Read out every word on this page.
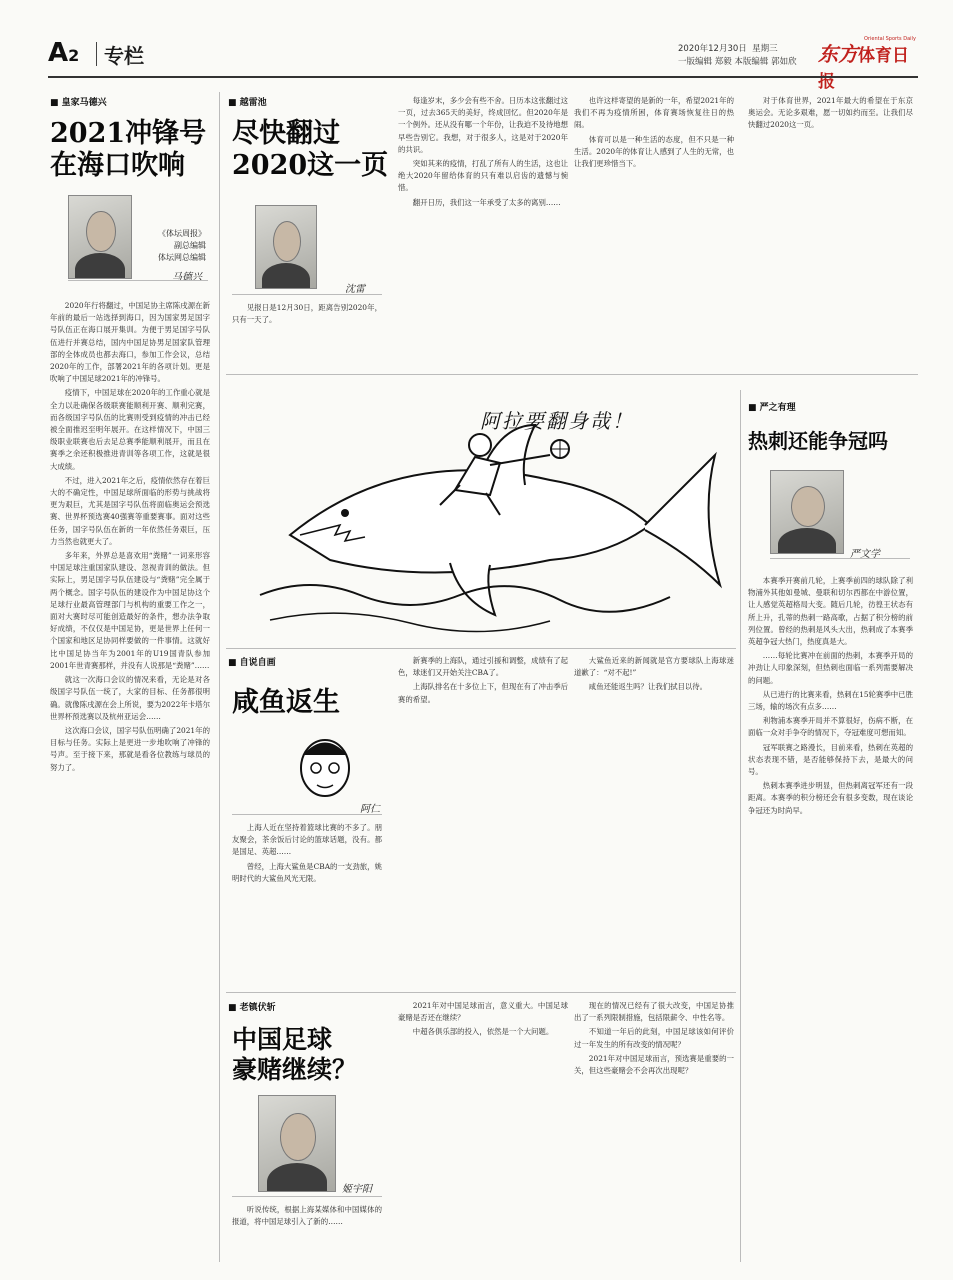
A2 专栏	2020年12月30日 星期三
一版编辑 郑毅 本版编辑 郭如欣 东方体育日报
Oriental Sports Daily
■ 皇家马德兴
2021冲锋号
在海口吹响
《体坛周报》
副总编辑
体坛网总编辑
马德兴

2020年行将翻过，中国足协主席陈戌源在新年前的最后一站选择到海口，因为国家男足国字号队伍正在海口展开集训。为便于男足国字号队伍进行并赛总结，国内中国足协男足国家队管理部的全体成员也都去海口，参加工作会议，总结2020年的工作，部署2021年的各项计划。更是吹响了中国足球2021年的冲锋号。

疫情下，中国足球在2020年的工作重心就是全力以赴确保各级联赛能顺利开赛、顺利完赛，而各级国字号队伍的比赛则受到疫情的冲击已经被全面推迟至明年展开。在这样情况下，中国三级职业联赛也后去足总赛季能顺利展开，而且在赛季之余还积极推进青训等各项工作，这就是很大成绩。

不过，进入2021年之后，疫情依然存在着巨大的不确定性，中国足球所面临的形势与挑战将更为艰巨，尤其是国字号队伍将面临奥运会预选赛、世界杯预选赛40强赛等重要赛事。面对这些任务，国字号队伍在新的一年依然任务艰巨，压力当然也就更大了。

多年来，外界总是喜欢用“粪赌”一词来形容中国足球注重国家队建设、忽视青训的做法。但实际上，男足国字号队伍建设与“粪赌”完全属于两个概念。国字号队伍的建设作为中国足协这个足球行业最高管理部门与机构的重要工作之一，面对大赛时尽可能创造最好的条件，想办法争取好成绩，不仅仅是中国足协，更是世界上任何一个国家和地区足协同样要做的一件事情。这就好比中国足协当年为2001年的U19国青队参加2001年世青赛那样，并没有人说那是“粪赌”……

就这一次海口会议的情况来看，无论是对各级国字号队伍一统了，大家的目标、任务都很明确。就像陈戌源在会上所说，要为2022年卡塔尔世界杯预选赛以及杭州亚运会……

这次海口会议，国字号队伍明确了2021年的目标与任务。实际上是更进一步地吹响了冲锋的号声。至于接下来，那就是看各位教练与球员的努力了。

■ 越雷池
尽快翻过
2020这一页
沈雷

见报日是12月30日，距离告别2020年，只有一天了。

每逢岁末，多少会有些不舍。日历本这张翻过这一页，过去365天的美好，终成回忆。但2020年是一个例外。还从没有哪一个年份，让我迫不及待地想早些告别它。我想，对于很多人，这是对于2020年的共识。

突如其来的疫情，打乱了所有人的生活，这也让绝大2020年留给体育的只有难以启齿的遗憾与惋惜。

翻开日历，我们这一年承受了太多的离别……

也许这样寄望的是新的一年，希望2021年的我们不再为疫情所困，体育赛场恢复往日的热闹。

体育可以是一种生活的态度，但不只是一种生活。2020年的体育让人感到了人生的无常，也让我们更珍惜当下。

对于体育世界，2021年最大的希望在于东京奥运会。无论多艰难，愿一切如约而至。让我们尽快翻过2020这一页。

阿拉要翻身哉！
■ 严之有理
热刺还能争冠吗
严文学

本赛季开赛前几轮，上赛季前四的球队除了利物浦外其他如曼城、曼联和切尔西都在中游位置，让人感觉英超格局大变。随后几轮，彷徨王状态有所上升，孔蒂的热刺一路高歌，占据了积分榜的前列位置。曾经的热刺是风头大出，热刺成了本赛季英超争冠大热门，热度真是大。

……每轮比赛冲在前面的热刺，本赛季开局的冲劲让人印象深刻，但热刺也面临一系列需要解决的问题。

从已进行的比赛来看，热刺在15轮赛季中已胜三场，输的场次有点多……

利物浦本赛季开局并不算很好，伤病不断，在面临一众对手争夺的情况下，夺冠难度可想而知。

冠军联赛之路漫长，目前来看，热刺在英超的状态表现不错，是否能够保持下去，是最大的问号。

热刺本赛季进步明显，但热刺离冠军还有一段距离。本赛季的积分榜还会有很多变数，现在谈论争冠还为时尚早。

■ 自说自画
咸鱼返生
阿仁

上海人近在坚持着篮球比赛的不多了。朋友聚会，茶余饭后讨论的篮球话题，没有。都是国足、英超……

曾经，上海大鲨鱼是CBA的一支劲旅，姚明时代的大鲨鱼风光无限。

新赛季的上海队，通过引援和调整，成绩有了起色，球迷们又开始关注CBA了。

上海队排名在十多位上下，但现在有了冲击季后赛的希望。

大鲨鱼近来的新闻就是官方要球队上海球迷道歉了：“对不起!”

咸鱼还能返生吗？让我们拭目以待。

■ 老镇伏斩
中国足球
豪赌继续？
姬宇阳

听说传统，根据上海某媒体和中国媒体的报道，将中国足球引入了新的……

2021年对中国足球而言，意义重大。中国足球豪赌是否还在继续？

中超各俱乐部的投入，依然是一个大问题。

现在的情况已经有了很大改变，中国足协推出了一系列限制措施，包括限薪令、中性名等。

不知道一年后的此刻，中国足球该如何评价过一年发生的所有改变的情况呢？

2021年对中国足球而言，预选赛是重要的一关，但这些豪赌会不会再次出现呢？
